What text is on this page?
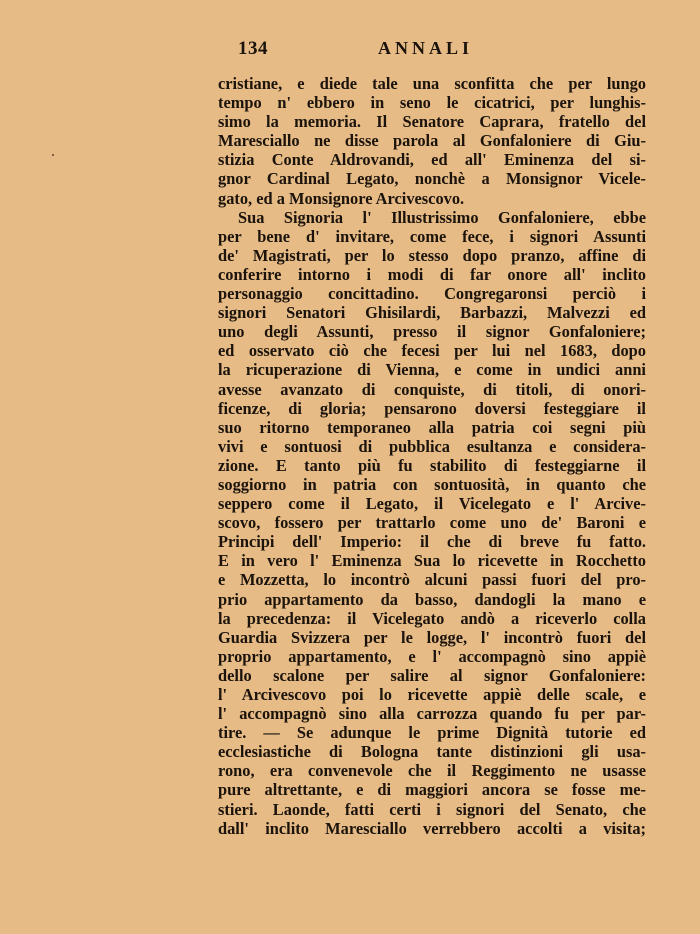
134	ANNALI
cristiane, e diede tale una sconfitta che per lungo
tempo n' ebbero in seno le cicatrici, per lunghis-
simo la memoria. Il Senatore Caprara, fratello del
Maresciallo ne disse parola al Gonfaloniere di Giu-
stizia Conte Aldrovandi, ed all' Eminenza del si-
gnor Cardinal Legato, nonchè a Monsignor Vicele-
gato, ed a Monsignore Arcivescovo.
Sua Signoria l' Illustrissimo Gonfaloniere, ebbe
per bene d' invitare, come fece, i signori Assunti
de' Magistrati, per lo stesso dopo pranzo, affine di
conferire intorno i modi di far onore all' inclito
personaggio concittadino. Congregaronsi perciò i
signori Senatori Ghisilardi, Barbazzi, Malvezzi ed
uno degli Assunti, presso il signor Gonfaloniere;
ed osservato ciò che fecesi per lui nel 1683, dopo
la ricuperazione di Vienna, e come in undici anni
avesse avanzato di conquiste, di titoli, di onori-
ficenze, di gloria; pensarono doversi festeggiare il
suo ritorno temporaneo alla patria coi segni più
vivi e sontuosi di pubblica esultanza e considera-
zione. E tanto più fu stabilito di festeggiarne il
soggiorno in patria con sontuosità, in quanto che
seppero come il Legato, il Vicelegato e l' Arcive-
scovo, fossero per trattarlo come uno de' Baroni e
Principi dell' Imperio: il che di breve fu fatto.
E in vero l' Eminenza Sua lo ricevette in Rocchetto
e Mozzetta, lo incontrò alcuni passi fuori del pro-
prio appartamento da basso, dandogli la mano e
la precedenza: il Vicelegato andò a riceverlo colla
Guardia Svizzera per le logge, l' incontrò fuori del
proprio appartamento, e l' accompagnò sino appiè
dello scalone per salire al signor Gonfaloniere:
l' Arcivescovo poi lo ricevette appiè delle scale, e
l' accompagnò sino alla carrozza quando fu per par-
tire. — Se adunque le prime Dignità tutorie ed
ecclesiastiche di Bologna tante distinzioni gli usa-
rono, era convenevole che il Reggimento ne usasse
pure altrettante, e di maggiori ancora se fosse me-
stieri. Laonde, fatti certi i signori del Senato, che
dall' inclito Maresciallo verrebbero accolti a visita;
